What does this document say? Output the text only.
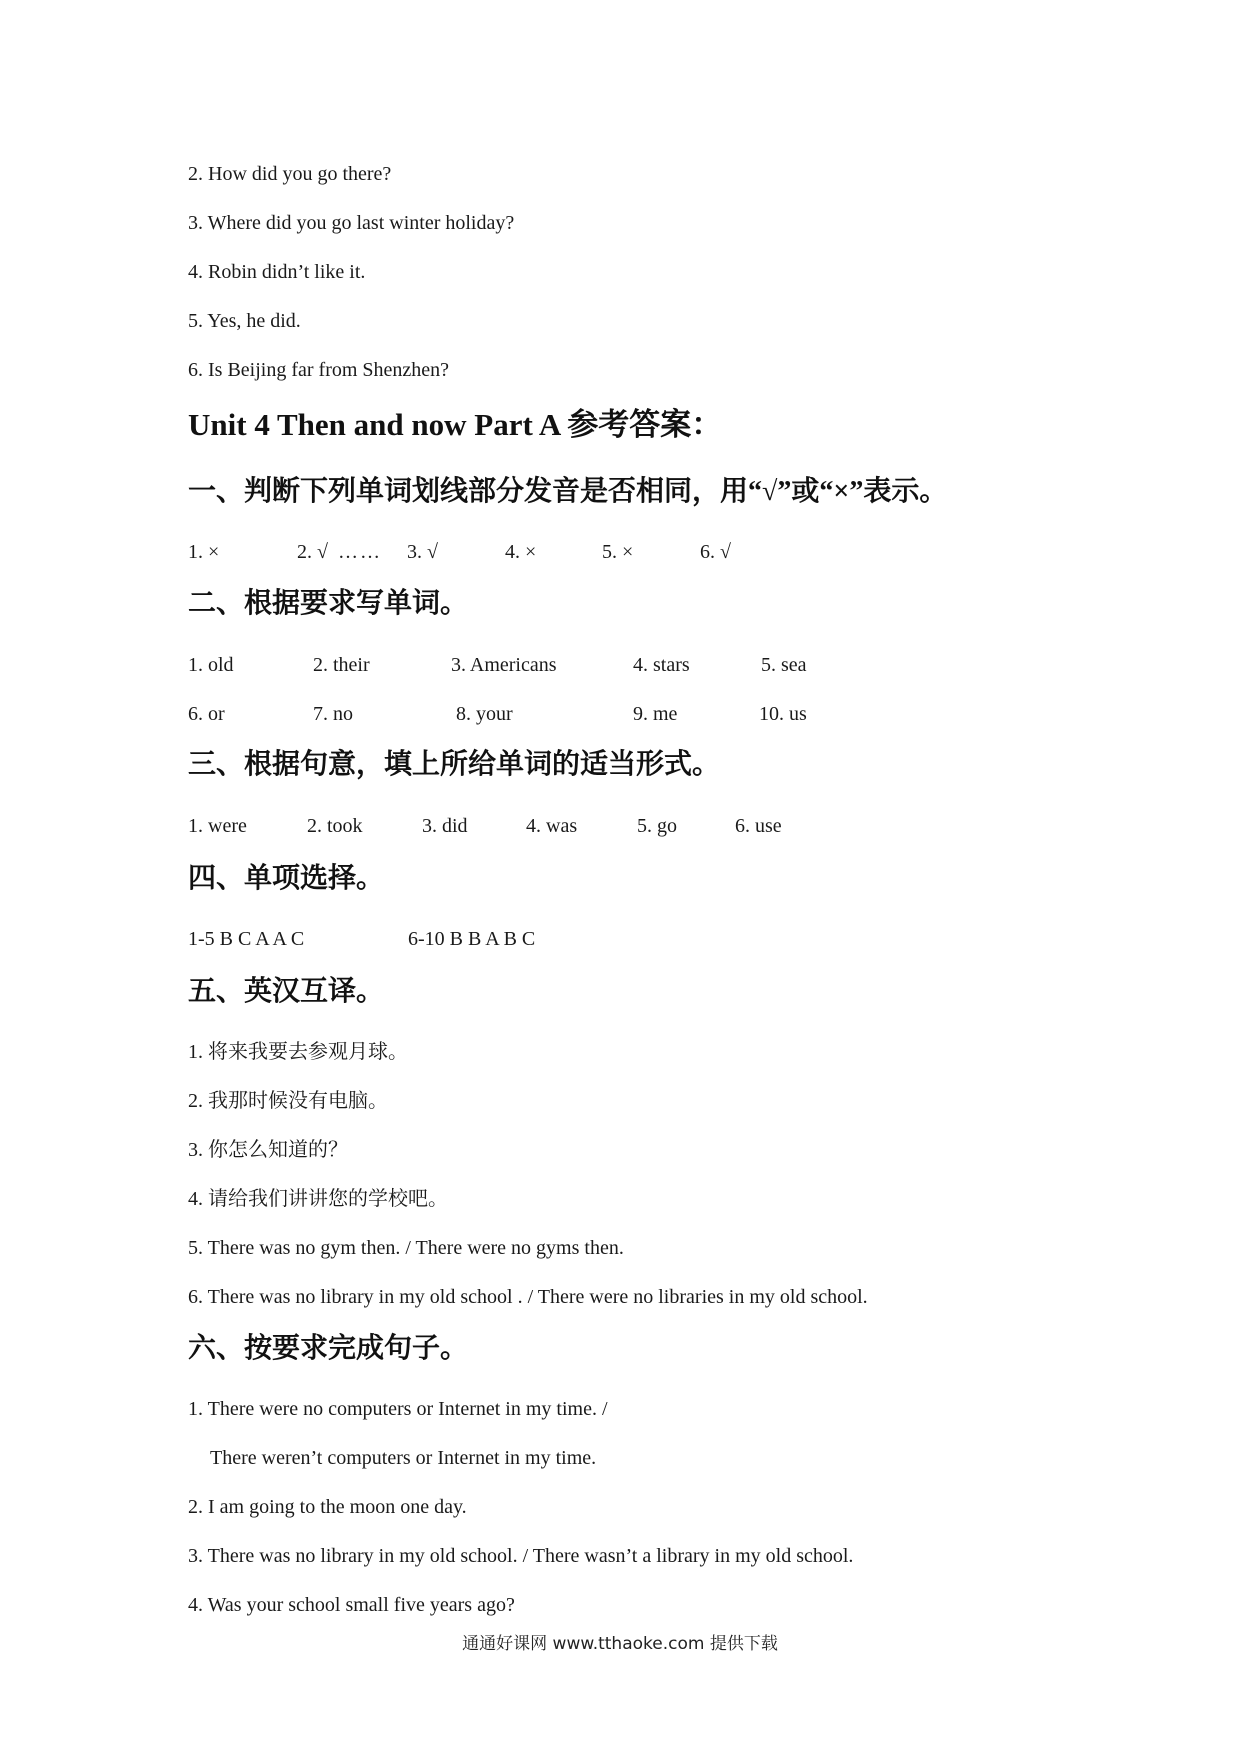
2. How did you go there?
3. Where did you go last winter holiday?
4. Robin didn’t like it.
5. Yes, he did.
6. Is Beijing far from Shenzhen?
Unit 4 Then and now Part A 参考答案：
一、判断下列单词划线部分发音是否相同，用“√”或“×”表示。
1. ×	2. √ …… 3. √	4. ×	5. ×	6. √
二、根据要求写单词。
1. old	2. their	3. Americans	4. stars	5. sea
6. or	7. no	8. your	9. me	10. us
三、根据句意，填上所给单词的适当形式。
1. were	2. took	3. did	4. was	5. go	6. use
四、单项选择。
1-5 B C A A C	6-10 B B A B C
五、英汉互译。
1. 将来我要去参观月球。
2. 我那时候没有电脑。
3. 你怎么知道的？
4. 请给我们讲讲您的学校吧。
5. There was no gym then. / There were no gyms then.
6. There was no library in my old school . / There were no libraries in my old school.
六、按要求完成句子。
1. There were no computers or Internet in my time. /
There weren’t computers or Internet in my time.
2. I am going to the moon one day.
3. There was no library in my old school. / There wasn’t a library in my old school.
4. Was your school small five years ago?
通通好课网 www.tthaoke.com 提供下载
